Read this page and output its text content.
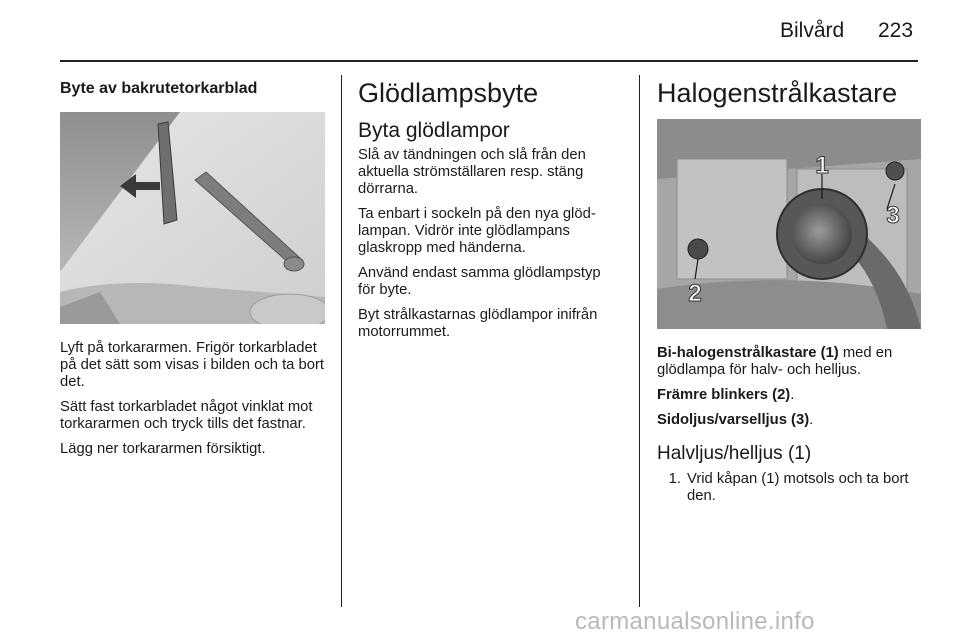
Bilvård 223
Byte av bakrutetorkarblad

Lyft på torkararmen. Frigör torkarbladet på det sätt som visas i bilden och ta bort det.

Sätt fast torkarbladet något vinklat mot torkararmen och tryck tills det fastnar.

Lägg ner torkararmen försiktigt.

Glödlampsbyte
Byta glödlampor

Slå av tändningen och slå från den aktuella strömställaren resp. stäng dörrarna.

Ta enbart i sockeln på den nya glödlampan. Vidrör inte glödlampans glaskropp med händerna.

Använd endast samma glödlampstyp för byte.

Byt strålkastarnas glödlampor inifrån motorrummet.

Halogenstrålkastare
1
2
3

Bi-halogenstrålkastare (1) med en glödlampa för halv- och helljus.

Främre blinkers (2).

Sidoljus/varselljus (3).

Halvljus/helljus (1)
1. Vrid kåpan (1) motsols och ta bort den.
carmanualsonline.info
